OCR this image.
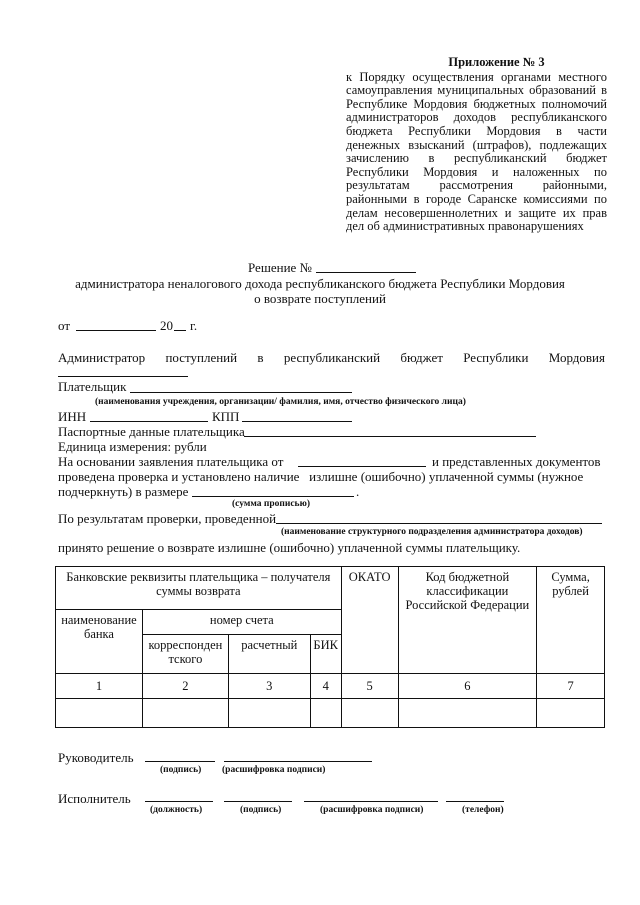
Приложение № 3
к Порядку осуществления органами местного самоуправления муниципальных образований в Республике Мордовия бюджетных полномочий администраторов доходов республиканского бюджета Республики Мордовия в части денежных взысканий (штрафов), подлежащих зачислению в республиканский бюджет Республики Мордовия и наложенных по результатам рассмотрения районными, районными в городе Саранске комиссиями по делам несовершеннолетних и защите их прав дел об административных правонарушениях
Решение №
администратора неналогового дохода республиканского бюджета Республики Мордовия
о возврате поступлений
от	20 г.
Администратор поступлений в республиканский бюджет Республики Мордовия
Плательщик
(наименования учреждения, организации/ фамилия, имя, отчество физического лица)
ИНН	КПП
Паспортные данные плательщика
Единица измерения: рубли
На основании заявления плательщика от	и представленных документов
проведена проверка и установлено наличие   излишне (ошибочно) уплаченной суммы (нужное
подчеркнуть) в размере	.
(сумма прописью)
По результатам проверки, проведенной
(наименование структурного подразделения администратора доходов)
принято решение о возврате излишне (ошибочно) уплаченной суммы плательщику.
Банковские реквизиты плательщика – получателя суммы возврата				ОКАТО	Код бюджетной классификации Российской Федерации	Сумма, рублей
наименование банка	номер счета					
	корреспонден тского	расчетный	БИК			
1	2	3	4	5	6	7

Руководитель
(подпись) (расшифровка подписи)
Исполнитель
(должность)	(подпись)	(расшифровка подписи)	(телефон)
